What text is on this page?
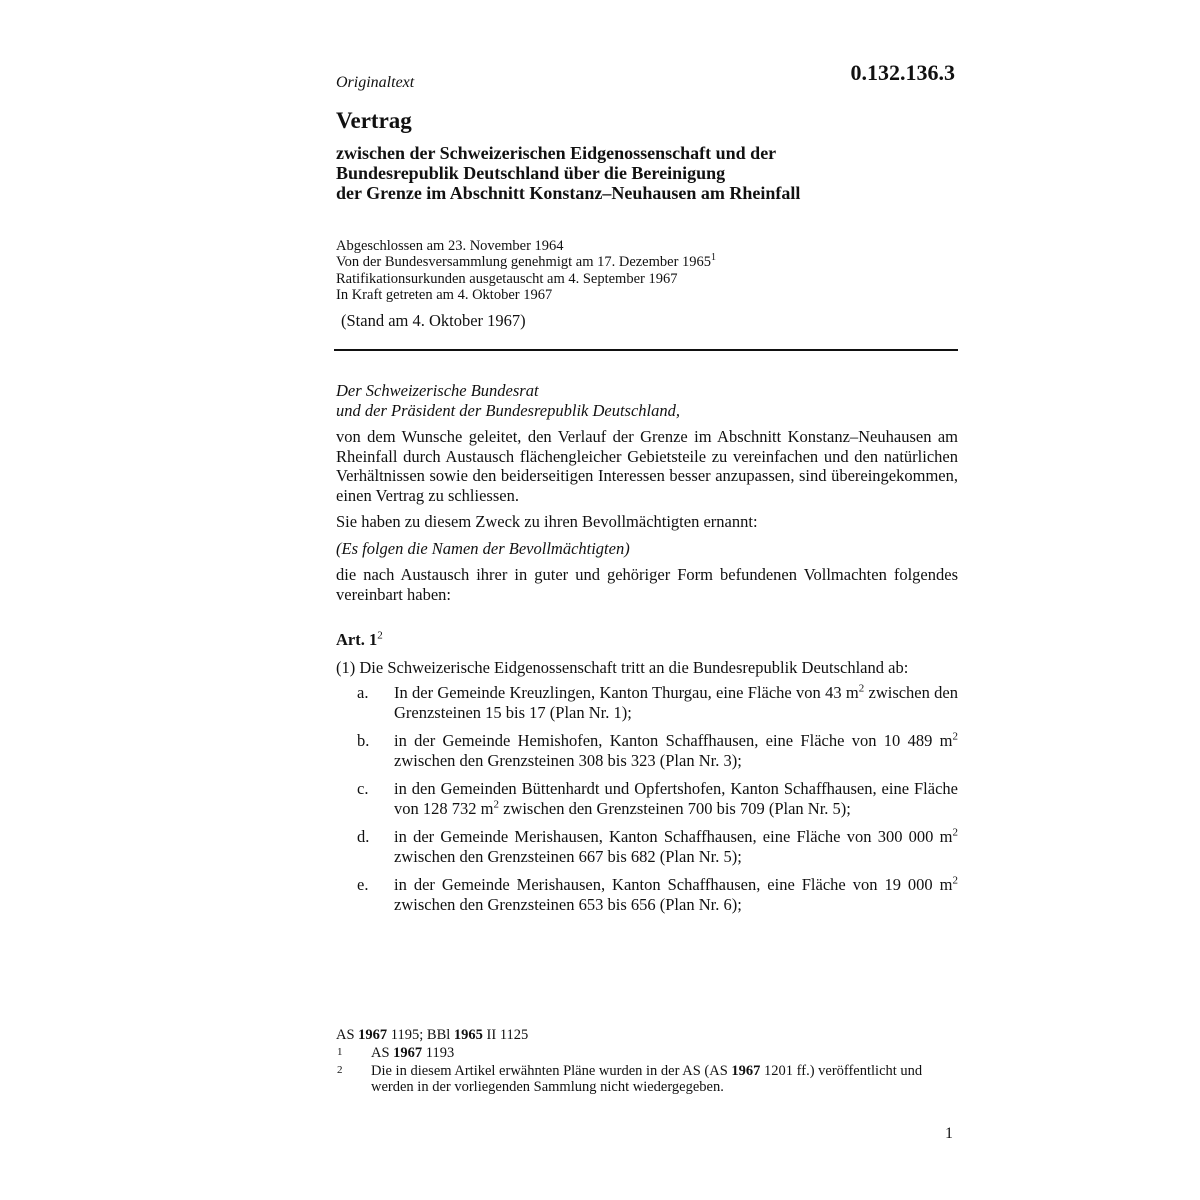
0.132.136.3
Originaltext
Vertrag
zwischen der Schweizerischen Eidgenossenschaft und der
Bundesrepublik Deutschland über die Bereinigung
der Grenze im Abschnitt Konstanz–Neuhausen am Rheinfall
Abgeschlossen am 23. November 1964
Von der Bundesversammlung genehmigt am 17. Dezember 1965$^1$
Ratifikationsurkunden ausgetauscht am 4. September 1967
In Kraft getreten am 4. Oktober 1967
(Stand am 4. Oktober 1967)

Der Schweizerische Bundesrat

und der Präsident der Bundesrepublik Deutschland,

von dem Wunsche geleitet, den Verlauf der Grenze im Abschnitt Konstanz–Neuhausen am Rheinfall durch Austausch flächengleicher Gebietsteile zu vereinfachen und den natürlichen Verhältnissen sowie den beiderseitigen Interessen besser anzupassen, sind übereingekommen, einen Vertrag zu schliessen.

Sie haben zu diesem Zweck zu ihren Bevollmächtigten ernannt:

(Es folgen die Namen der Bevollmächtigten)

die nach Austausch ihrer in guter und gehöriger Form befundenen Vollmachten folgendes vereinbart haben:

Art. $1^2$

(1) Die Schweizerische Eidgenossenschaft tritt an die Bundesrepublik Deutschland ab:

a. In der Gemeinde Kreuzlingen, Kanton Thurgau, eine Fläche von 43 $m^2$ zwischen den Grenzsteinen 15 bis 17 (Plan Nr. 1);
b. in der Gemeinde Hemishofen, Kanton Schaffhausen, eine Fläche von 10 489 $m^2$ zwischen den Grenzsteinen 308 bis 323 (Plan Nr. 3);
c. in den Gemeinden Büttenhardt und Opfertshofen, Kanton Schaffhausen, eine Fläche von 128 732 $m^2$ zwischen den Grenzsteinen 700 bis 709 (Plan Nr. 5);
d. in der Gemeinde Merishausen, Kanton Schaffhausen, eine Fläche von 300 000 $m^2$ zwischen den Grenzsteinen 667 bis 682 (Plan Nr. 5);
e. in der Gemeinde Merishausen, Kanton Schaffhausen, eine Fläche von 19 000 $m^2$ zwischen den Grenzsteinen 653 bis 656 (Plan Nr. 6);

AS 1967 1195; BBl 1965 II 1125

1 AS 1967 1193

2 Die in diesem Artikel erwähnten Pläne wurden in der AS (AS 1967 1201 ff.) veröffentlicht und werden in der vorliegenden Sammlung nicht wiedergegeben.

1
